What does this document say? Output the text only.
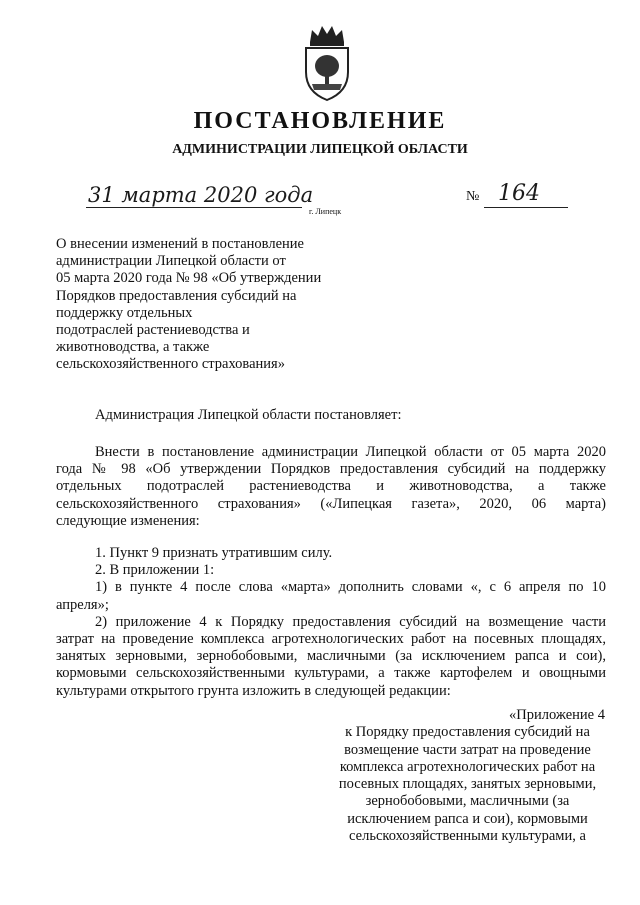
ПОСТАНОВЛЕНИЕ
АДМИНИСТРАЦИИ ЛИПЕЦКОЙ ОБЛАСТИ
31 марта 2020 года
г. Липецк
№ 164
О внесении изменений в постановление
администрации Липецкой области от
05 марта 2020 года № 98 «Об утверждении
Порядков предоставления субсидий на
поддержку отдельных
подотраслей растениеводства и
животноводства, а также
сельскохозяйственного страхования»
Администрация Липецкой области постановляет:
Внести в постановление администрации Липецкой области от 05 марта 2020
года № 98 «Об утверждении Порядков предоставления субсидий на поддержку
отдельных подотраслей растениеводства и животноводства, а также
сельскохозяйственного страхования» («Липецкая газета», 2020, 06 марта)
следующие изменения:
1. Пункт 9 признать утратившим силу.
2. В приложении 1:
1) в пункте 4 после слова «марта» дополнить словами «, с 6 апреля по 10
апреля»;
2) приложение 4 к Порядку предоставления субсидий на возмещение части
затрат на проведение комплекса агротехнологических работ на посевных площадях,
занятых зерновыми, зернобобовыми, масличными (за исключением рапса и сои),
кормовыми сельскохозяйственными культурами, а также картофелем и овощными
культурами открытого грунта изложить в следующей редакции:
«Приложение 4
к Порядку предоставления субсидий на
возмещение части затрат на проведение
комплекса агротехнологических работ на
посевных площадях, занятых зерновыми,
зернобобовыми, масличными (за
исключением рапса и сои), кормовыми
сельскохозяйственными культурами, а
